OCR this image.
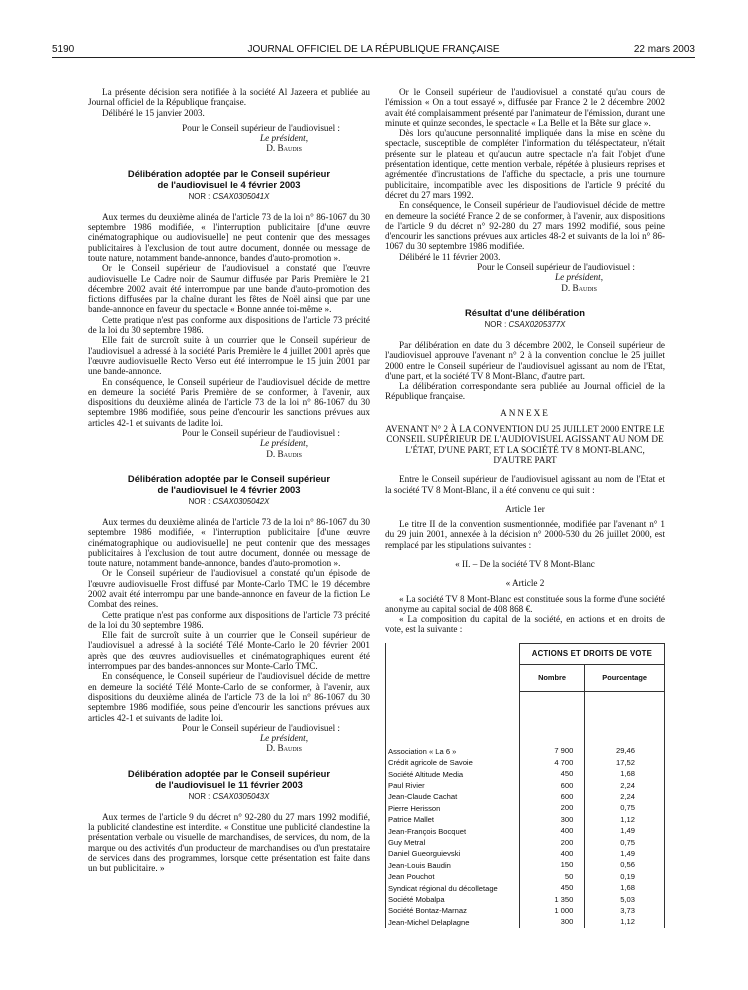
5190	JOURNAL OFFICIEL DE LA RÉPUBLIQUE FRANÇAISE	22 mars 2003

La présente décision sera notifiée à la société Al Jazeera et publiée au Journal officiel de la République française.

Délibéré le 15 janvier 2003.

Pour le Conseil supérieur de l'audiovisuel :

Le président,

D. Baudis

Délibération adoptée par le Conseil supérieur
de l'audiovisuel le 4 février 2003
NOR : CSAX0305041X

Aux termes du deuxième alinéa de l'article 73 de la loi n° 86-1067 du 30 septembre 1986 modifiée, « l'interruption publicitaire [d'une œuvre cinématographique ou audiovisuelle] ne peut contenir que des messages publicitaires à l'exclusion de tout autre document, donnée ou message de toute nature, notamment bande-annonce, bandes d'auto-promotion ».

Or le Conseil supérieur de l'audiovisuel a constaté que l'œuvre audiovisuelle Le Cadre noir de Saumur diffusée par Paris Première le 21 décembre 2002 avait été interrompue par une bande d'auto-promotion des fictions diffusées par la chaîne durant les fêtes de Noël ainsi que par une bande-annonce en faveur du spectacle « Bonne année toi-même ».

Cette pratique n'est pas conforme aux dispositions de l'article 73 précité de la loi du 30 septembre 1986.

Elle fait de surcroît suite à un courrier que le Conseil supérieur de l'audiovisuel a adressé à la société Paris Première le 4 juillet 2001 après que l'œuvre audiovisuelle Recto Verso eut été interrompue le 15 juin 2001 par une bande-annonce.

En conséquence, le Conseil supérieur de l'audiovisuel décide de mettre en demeure la société Paris Première de se conformer, à l'avenir, aux dispositions du deuxième alinéa de l'article 73 de la loi n° 86-1067 du 30 septembre 1986 modifiée, sous peine d'encourir les sanctions prévues aux articles 42-1 et suivants de ladite loi.

Pour le Conseil supérieur de l'audiovisuel :

Le président,

D. Baudis

Délibération adoptée par le Conseil supérieur
de l'audiovisuel le 4 février 2003
NOR : CSAX0305042X

Aux termes du deuxième alinéa de l'article 73 de la loi n° 86-1067 du 30 septembre 1986 modifiée, « l'interruption publicitaire [d'une œuvre cinématographique ou audiovisuelle] ne peut contenir que des messages publicitaires à l'exclusion de tout autre document, donnée ou message de toute nature, notamment bande-annonce, bandes d'auto-promotion ».

Or le Conseil supérieur de l'audiovisuel a constaté qu'un épisode de l'œuvre audiovisuelle Frost diffusé par Monte-Carlo TMC le 19 décembre 2002 avait été interrompu par une bande-annonce en faveur de la fiction Le Combat des reines.

Cette pratique n'est pas conforme aux dispositions de l'article 73 précité de la loi du 30 septembre 1986.

Elle fait de surcroît suite à un courrier que le Conseil supérieur de l'audiovisuel a adressé à la société Télé Monte-Carlo le 20 février 2001 après que des œuvres audiovisuelles et cinématographiques eurent été interrompues par des bandes-annonces sur Monte-Carlo TMC.

En conséquence, le Conseil supérieur de l'audiovisuel décide de mettre en demeure la société Télé Monte-Carlo de se conformer, à l'avenir, aux dispositions du deuxième alinéa de l'article 73 de la loi n° 86-1067 du 30 septembre 1986 modifiée, sous peine d'encourir les sanctions prévues aux articles 42-1 et suivants de ladite loi.

Pour le Conseil supérieur de l'audiovisuel :

Le président,

D. Baudis

Délibération adoptée par le Conseil supérieur
de l'audiovisuel le 11 février 2003
NOR : CSAX0305043X

Aux termes de l'article 9 du décret n° 92-280 du 27 mars 1992 modifié, la publicité clandestine est interdite. « Constitue une publicité clandestine la présentation verbale ou visuelle de marchandises, de services, du nom, de la marque ou des activités d'un producteur de marchandises ou d'un prestataire de services dans des programmes, lorsque cette présentation est faite dans un but publicitaire. »

Or le Conseil supérieur de l'audiovisuel a constaté qu'au cours de l'émission « On a tout essayé », diffusée par France 2 le 2 décembre 2002 avait été complaisamment présenté par l'animateur de l'émission, durant une minute et quinze secondes, le spectacle « La Belle et la Bête sur glace ».

Dès lors qu'aucune personnalité impliquée dans la mise en scène du spectacle, susceptible de compléter l'information du téléspectateur, n'était présente sur le plateau et qu'aucun autre spectacle n'a fait l'objet d'une présentation identique, cette mention verbale, répétée à plusieurs reprises et agrémentée d'incrustations de l'affiche du spectacle, a pris une tournure publicitaire, incompatible avec les dispositions de l'article 9 précité du décret du 27 mars 1992.

En conséquence, le Conseil supérieur de l'audiovisuel décide de mettre en demeure la société France 2 de se conformer, à l'avenir, aux dispositions de l'article 9 du décret n° 92-280 du 27 mars 1992 modifié, sous peine d'encourir les sanctions prévues aux articles 48-2 et suivants de la loi n° 86-1067 du 30 septembre 1986 modifiée.

Délibéré le 11 février 2003.

Pour le Conseil supérieur de l'audiovisuel :

Le président,

D. Baudis

Résultat d'une délibération
NOR : CSAX0205377X

Par délibération en date du 3 décembre 2002, le Conseil supérieur de l'audiovisuel approuve l'avenant n° 2 à la convention conclue le 25 juillet 2000 entre le Conseil supérieur de l'audiovisuel agissant au nom de l'Etat, d'une part, et la société TV 8 Mont-Blanc, d'autre part.

La délibération correspondante sera publiée au Journal officiel de la République française.

ANNEXE

AVENANT N° 2 À LA CONVENTION DU 25 JUILLET 2000 ENTRE LE CONSEIL SUPÉRIEUR DE L'AUDIOVISUEL AGISSANT AU NOM DE L'ÉTAT, D'UNE PART, ET LA SOCIÉTÉ TV 8 MONT-BLANC, D'AUTRE PART

Entre le Conseil supérieur de l'audiovisuel agissant au nom de l'Etat et la société TV 8 Mont-Blanc, il a été convenu ce qui suit :

Article 1er

Le titre II de la convention susmentionnée, modifiée par l'avenant n° 1 du 29 juin 2001, annexée à la décision n° 2000-530 du 26 juillet 2000, est remplacé par les stipulations suivantes :

« II. – De la société TV 8 Mont-Blanc

« Article 2

« La société TV 8 Mont-Blanc est constituée sous la forme d'une société anonyme au capital social de 408 868 €.

« La composition du capital de la société, en actions et en droits de vote, est la suivante :

	ACTIONS ET DROITS DE VOTE	
	Nombre	Pourcentage

Association « La 6 »	7 900	29,46
Crédit agricole de Savoie	4 700	17,52
Société Altitude Media	450	1,68
Paul Rivier	600	2,24
Jean-Claude Cachat	600	2,24
Pierre Herisson	200	0,75
Patrice Mallet	300	1,12
Jean-François Bocquet	400	1,49
Guy Metral	200	0,75
Daniel Gueorguievski	400	1,49
Jean-Louis Baudin	150	0,56
Jean Pouchot	50	0,19
Syndicat régional du décolletage	450	1,68
Société Mobalpa	1 350	5,03
Société Bontaz-Marnaz	1 000	3,73
Jean-Michel Delaplagne	300	1,12
